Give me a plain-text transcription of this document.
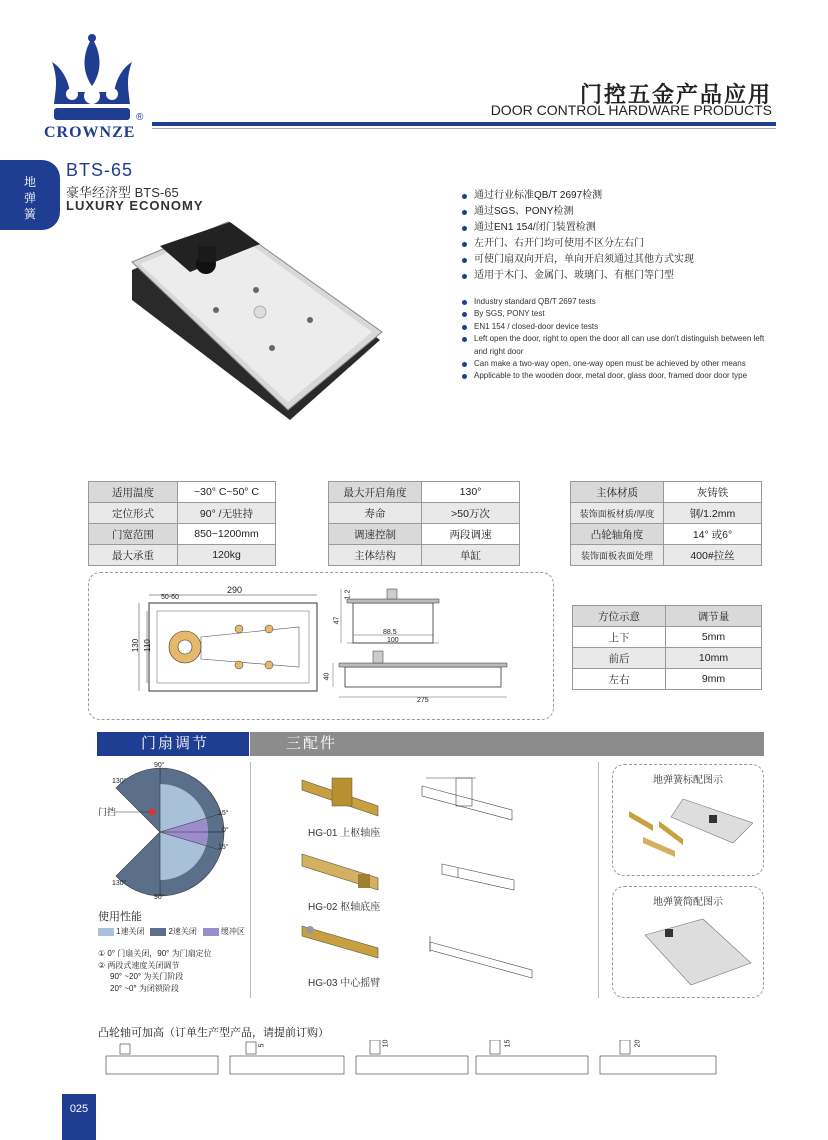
CROWNZE
®
门控五金产品应用
DOOR CONTROL HARDWARE PRODUCTS
地
弹
簧
BTS-65
豪华经济型 BTS-65
LUXURY ECONOMY
通过行业标准QB/T 2697检测
通过SGS、PONY检测
通过EN1 154/闭门装置检测
左开门、右开门均可使用不区分左右门
可使门扇双向开启，单向开启须通过其他方式实现
适用于木门、金属门、玻璃门、有框门等门型
Industry standard QB/T 2697 tests
By SGS, PONY test
EN1 154 / closed-door device tests
Left open the door, right to open the door all can use don't distinguish between left and right door
Can make a two-way open, one-way open must be achieved by other means
Applicable to the wooden door, metal door, glass door, framed door door type
适用温度	~30° C~50° C
定位形式	90° /无驻持
门宽范围	850~1200mm
最大承重	120kg
最大开启角度	130°
寿命	>50万次
调速控制	两段调速
主体结构	单缸
主体材质	灰铸铁
装饰面板材质/厚度	钢/1.2mm
凸轮轴角度	14° 或6°
装饰面板表面处理	400#拉丝
290
50-60
130 110
1.2
47
88.5
100
40
275
方位示意	调节量
上下	5mm
前后	10mm
左右	9mm
门扇调节	三配件
90°
130°
门挡	15°
0°
15°
130°
90°
使用性能
1速关闭	2速关闭	缓冲区
① 0° 门扇关闭，90° 为门扇定位
② 两段式速度关闭调节
90° ~20° 为关门阶段
20° ~0° 为闭锁阶段
HG-01 上枢轴座
HG-02 枢轴底座
HG-03 中心摇臂
地弹簧标配图示
地弹簧简配图示
凸轮轴可加高（订单生产型产品，请提前订购）
5	10	15	20
025
